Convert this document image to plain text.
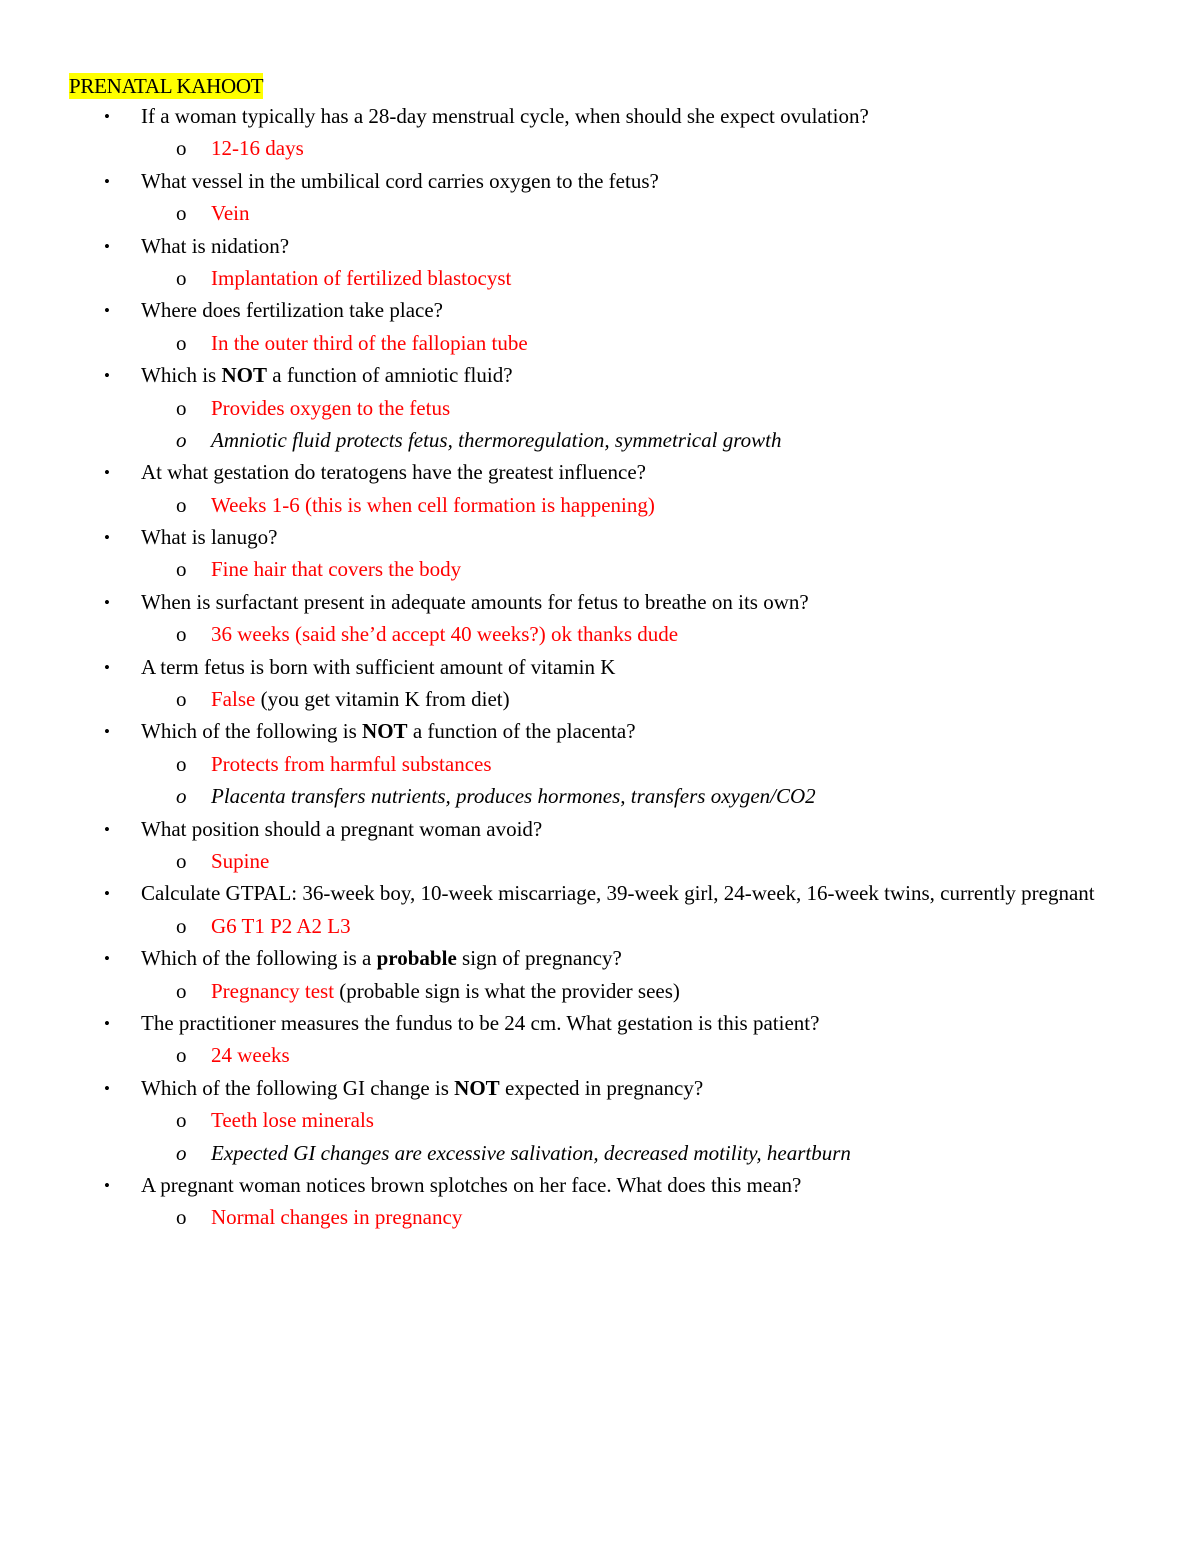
PRENATAL KAHOOT
• If a woman typically has a 28-day menstrual cycle, when should she expect ovulation?
o 12-16 days
• What vessel in the umbilical cord carries oxygen to the fetus?
o Vein
• What is nidation?
o Implantation of fertilized blastocyst
• Where does fertilization take place?
o In the outer third of the fallopian tube
• Which is NOT a function of amniotic fluid?
o Provides oxygen to the fetus
o Amniotic fluid protects fetus, thermoregulation, symmetrical growth
• At what gestation do teratogens have the greatest influence?
o Weeks 1-6 (this is when cell formation is happening)
• What is lanugo?
o Fine hair that covers the body
• When is surfactant present in adequate amounts for fetus to breathe on its own?
o 36 weeks (said she’d accept 40 weeks?) ok thanks dude
• A term fetus is born with sufficient amount of vitamin K
o False (you get vitamin K from diet)
• Which of the following is NOT a function of the placenta?
o Protects from harmful substances
o Placenta transfers nutrients, produces hormones, transfers oxygen/CO2
• What position should a pregnant woman avoid?
o Supine
• Calculate GTPAL: 36-week boy, 10-week miscarriage, 39-week girl, 24-week, 16-week twins, currently pregnant
o G6 T1 P2 A2 L3
• Which of the following is a probable sign of pregnancy?
o Pregnancy test (probable sign is what the provider sees)
• The practitioner measures the fundus to be 24 cm. What gestation is this patient?
o 24 weeks
• Which of the following GI change is NOT expected in pregnancy?
o Teeth lose minerals
o Expected GI changes are excessive salivation, decreased motility, heartburn
• A pregnant woman notices brown splotches on her face. What does this mean?
o Normal changes in pregnancy
